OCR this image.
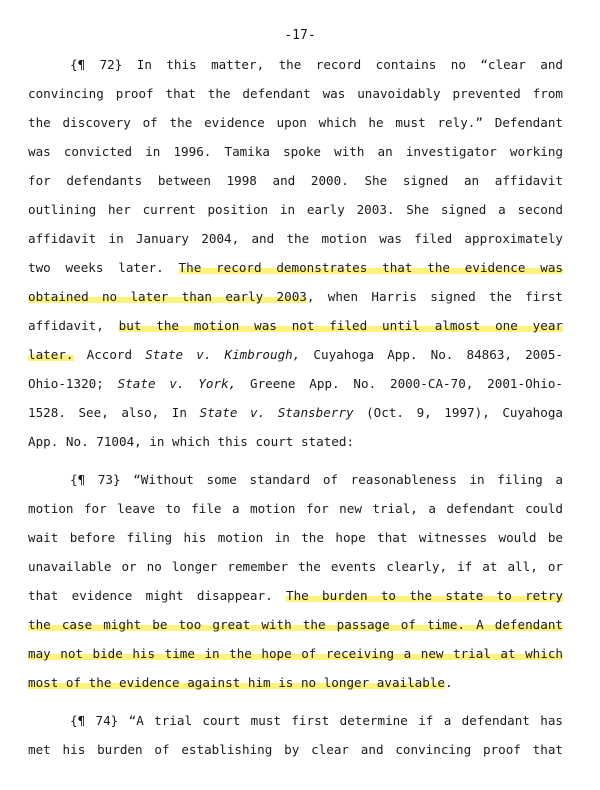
-17-
{¶ 72} In this matter, the record contains no “clear and
convincing proof that the defendant was unavoidably prevented from
the discovery of the evidence upon which he must rely.” Defendant
was convicted in 1996. Tamika spoke with an investigator working
for defendants between 1998 and 2000. She signed an affidavit
outlining her current position in early 2003. She signed a second
affidavit in January 2004, and the motion was filed approximately
two weeks later. The record demonstrates that the evidence was
obtained no later than early 2003, when Harris signed the first
affidavit, but the motion was not filed until almost one year
later. Accord State v. Kimbrough, Cuyahoga App. No. 84863, 2005-
Ohio-1320; State v. York, Greene App. No. 2000-CA-70, 2001-Ohio-
1528. See, also, In State v. Stansberry (Oct. 9, 1997), Cuyahoga
App. No. 71004, in which this court stated:
{¶ 73} “Without some standard of reasonableness in filing a
motion for leave to file a motion for new trial, a defendant could
wait before filing his motion in the hope that witnesses would be
unavailable or no longer remember the events clearly, if at all, or
that evidence might disappear. The burden to the state to retry
the case might be too great with the passage of time. A defendant
may not bide his time in the hope of receiving a new trial at which
most of the evidence against him is no longer available.
{¶ 74} “A trial court must first determine if a defendant has
met his burden of establishing by clear and convincing proof that
